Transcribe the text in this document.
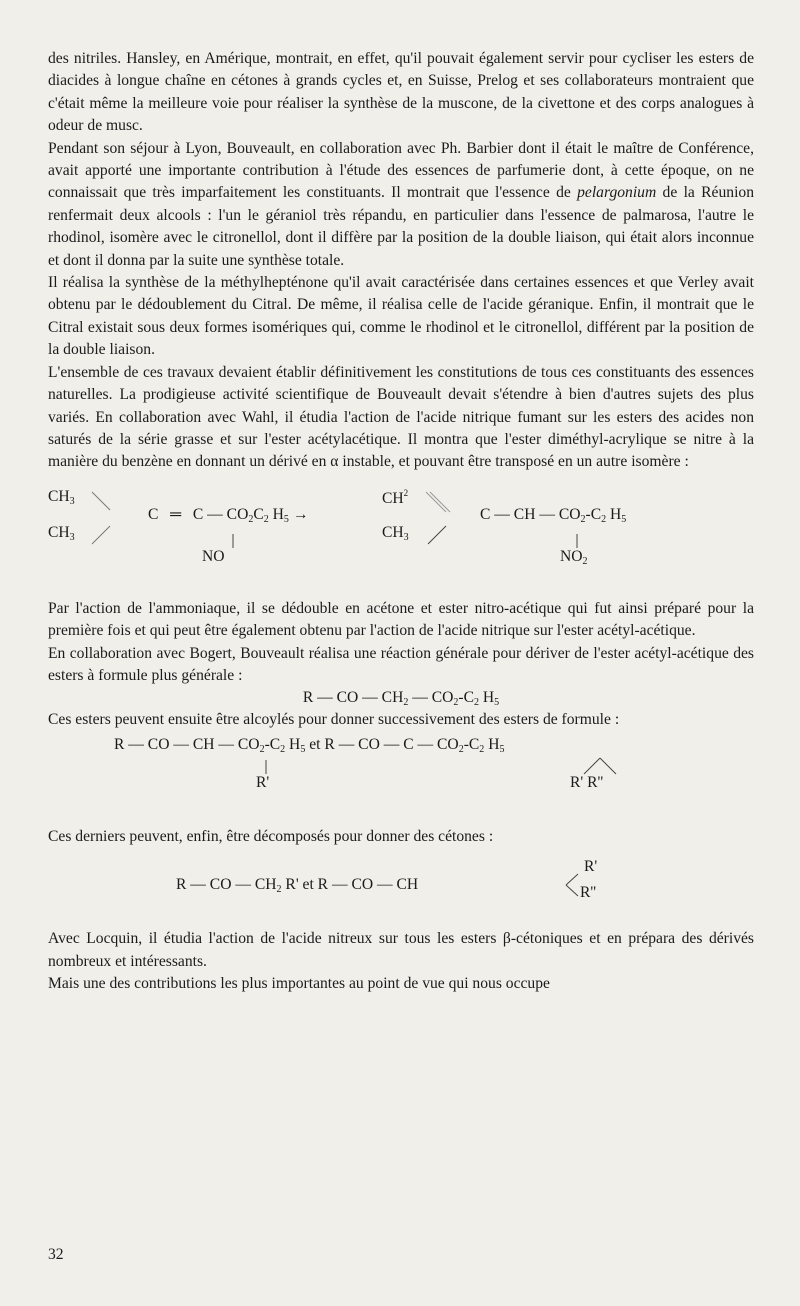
des nitriles. Hansley, en Amérique, montrait, en effet, qu'il pouvait également servir pour cycliser les esters de diacides à longue chaîne en cétones à grands cycles et, en Suisse, Prelog et ses collaborateurs montraient que c'était même la meilleure voie pour réaliser la synthèse de la muscone, de la civettone et des corps analogues à odeur de musc.

Pendant son séjour à Lyon, Bouveault, en collaboration avec Ph. Barbier dont il était le maître de Conférence, avait apporté une importante contribution à l'étude des essences de parfumerie dont, à cette époque, on ne connaissait que très imparfaitement les constituants. Il montrait que l'essence de pelargonium de la Réunion renfermait deux alcools : l'un le géraniol très répandu, en particulier dans l'essence de palmarosa, l'autre le rhodinol, isomère avec le citronellol, dont il diffère par la position de la double liaison, qui était alors inconnue et dont il donna par la suite une synthèse totale.

Il réalisa la synthèse de la méthylhepténone qu'il avait caractérisée dans certaines essences et que Verley avait obtenu par le dédoublement du Citral. De même, il réalisa celle de l'acide géranique. Enfin, il montrait que le Citral existait sous deux formes isomériques qui, comme le rhodinol et le citronellol, différent par la position de la double liaison.

L'ensemble de ces travaux devaient établir définitivement les constitutions de tous ces constituants des essences naturelles. La prodigieuse activité scientifique de Bouveault devait s'étendre à bien d'autres sujets des plus variés. En collaboration avec Wahl, il étudia l'action de l'acide nitrique fumant sur les esters des acides non saturés de la série grasse et sur l'ester acétylacétique. Il montra que l'ester diméthyl-acrylique se nitre à la manière du benzène en donnant un dérivé en α instable, et pouvant être transposé en un autre isomère :

$CH_3$
$CH_3$
C ═ C — $CO_2C_2$ $H_5$ →
NO
$CH^2$
$CH_3$
C — CH — $CO_2-C_2$ $H_5$
$NO_2$

Par l'action de l'ammoniaque, il se dédouble en acétone et ester nitro-acétique qui fut ainsi préparé pour la première fois et qui peut être également obtenu par l'action de l'acide nitrique sur l'ester acétyl-acétique.

En collaboration avec Bogert, Bouveault réalisa une réaction générale pour dériver de l'ester acétyl-acétique des esters à formule plus générale :

R — CO — $CH_2$ — $CO_2-C_2$ $H_5$

Ces esters peuvent ensuite être alcoylés pour donner successivement des esters de formule :

R — CO — CH — $CO_2-C_2$ $H_5$ et R — CO — C — $CO_2-C_2$ $H_5$
R'	R' R''

Ces derniers peuvent, enfin, être décomposés pour donner des cétones :

R — CO — $CH_2$ R' et R — CO — CH
R'
R''

Avec Locquin, il étudia l'action de l'acide nitreux sur tous les esters β-cétoniques et en prépara des dérivés nombreux et intéressants.

Mais une des contributions les plus importantes au point de vue qui nous occupe

32
